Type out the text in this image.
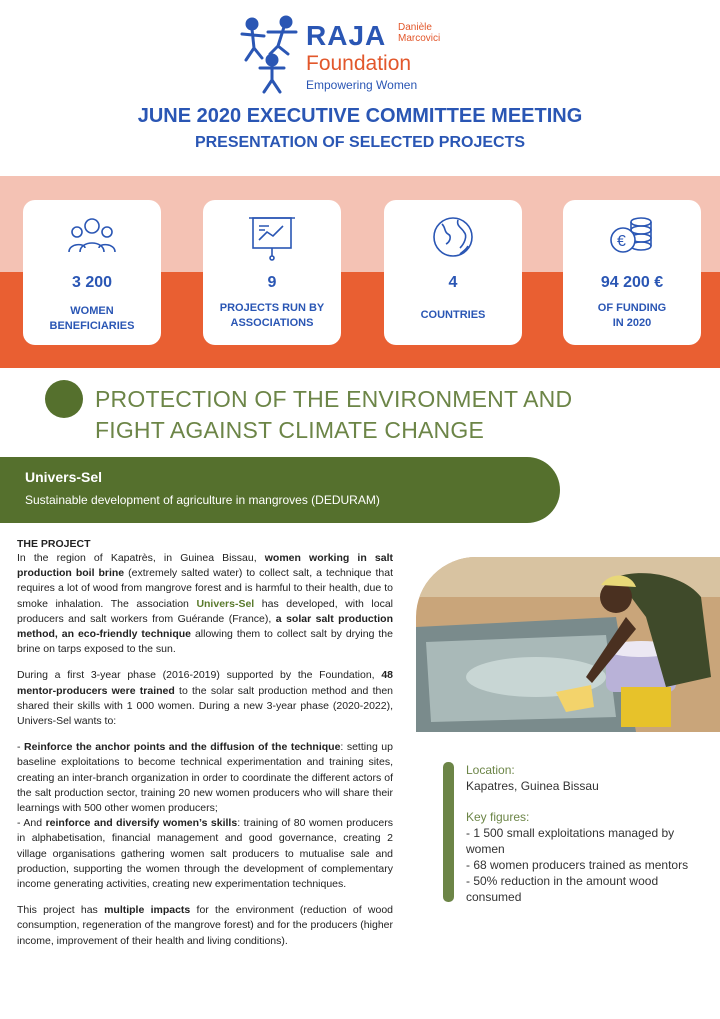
RAJA Danièle
Marcovici
Foundation
Empowering Women
JUNE 2020 EXECUTIVE COMMITTEE MEETING
PRESENTATION OF SELECTED PROJECTS
3 200
WOMEN
BENEFICIARIES
9
PROJECTS RUN BY
ASSOCIATIONS
4
COUNTRIES
€
94 200 €
OF FUNDING
IN 2020
PROTECTION OF THE ENVIRONMENT AND
FIGHT AGAINST CLIMATE CHANGE
Univers-Sel
Sustainable development of agriculture in mangroves (DEDURAM)
THE PROJECT

In the region of Kapatrès, in Guinea Bissau, women working in salt production boil brine (extremely salted water) to collect salt, a technique that requires a lot of wood from mangrove forest and is harmful to their health, due to smoke inhalation. The association Univers-Sel has developed, with local producers and salt workers from Guérande (France), a solar salt production method, an eco-friendly technique allowing them to collect salt by drying the brine on tarps exposed to the sun.

During a first 3-year phase (2016-2019) supported by the Foundation, 48 mentor-producers were trained to the solar salt production method and then shared their skills with 1 000 women. During a new 3-year phase (2020-2022), Univers-Sel wants to:

- Reinforce the anchor points and the diffusion of the technique: setting up baseline exploitations to become technical experimentation and training sites, creating an inter-branch organization in order to coordinate the different actors of the salt production sector, training 20 new women producers who will share their learnings with 500 other women producers;
- And reinforce and diversify women’s skills: training of 80 women producers in alphabetisation, financial management and good governance, creating 2 village organisations gathering women salt producers to mutualise sale and production, supporting the women through the development of complementary income generating activities, creating new experimentation techniques.

This project has multiple impacts for the environment (reduction of wood consumption, regeneration of the mangrove forest) and for the producers (higher income, improvement of their health and living conditions).

Location:

Kapatres, Guinea Bissau

Key figures:

- 1 500 small exploitations managed by women

- 68 women producers trained as mentors

- 50% reduction in the amount wood consumed
